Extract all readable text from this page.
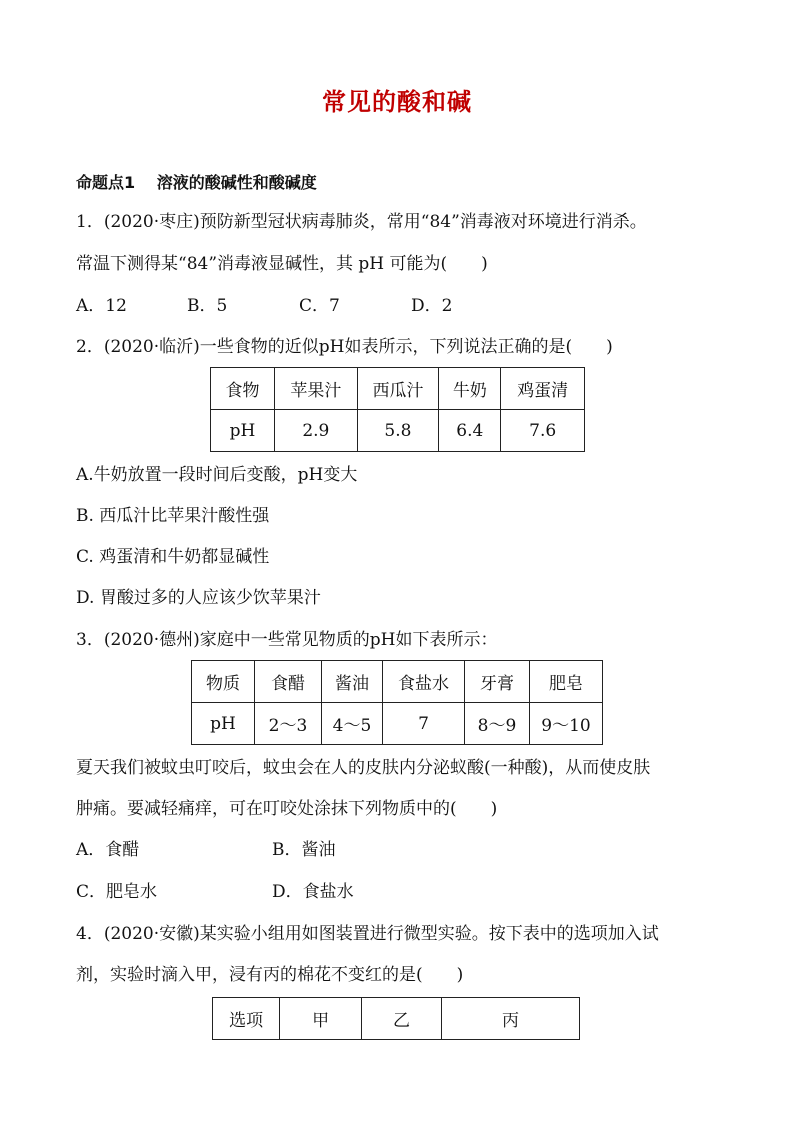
常见的酸和碱
命题点1　 溶液的酸碱性和酸碱度
1．(2020·枣庄)预防新型冠状病毒肺炎，常用“84”消毒液对环境进行消杀。
常温下测得某“84”消毒液显碱性，其 pH 可能为(　　)
A．12	B．5	C．7	D．2
2．(2020·临沂)一些食物的近似pH如表所示，下列说法正确的是(　　)
食物	苹果汁	西瓜汁	牛奶	鸡蛋清
pH	2.9	5.8	6.4	7.6
A.牛奶放置一段时间后变酸，pH变大
B. 西瓜汁比苹果汁酸性强
C. 鸡蛋清和牛奶都显碱性
D. 胃酸过多的人应该少饮苹果汁
3．(2020·德州)家庭中一些常见物质的pH如下表所示：
物质	食醋	酱油	食盐水	牙膏	肥皂
pH	2～3	4～5	7	8～9	9～10
夏天我们被蚊虫叮咬后，蚊虫会在人的皮肤内分泌蚁酸(一种酸)，从而使皮肤
肿痛。要减轻痛痒，可在叮咬处涂抹下列物质中的(　　)
A．食醋	B．酱油
C．肥皂水	D．食盐水
4．(2020·安徽)某实验小组用如图装置进行微型实验。按下表中的选项加入试
剂，实验时滴入甲，浸有丙的棉花不变红的是(　　)
选项	甲	乙	丙
